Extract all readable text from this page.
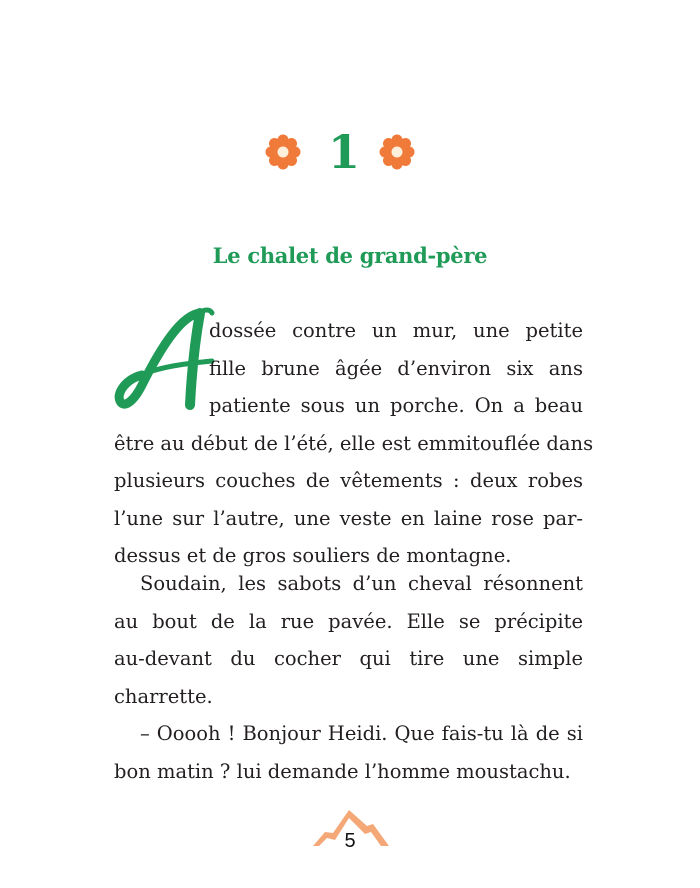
1
Le chalet de grand-père
dossée contre un mur, une petite
fille brune âgée d’environ six ans
patiente sous un porche. On a beau
être au début de l’été, elle est emmitouflée dans
plusieurs couches de vêtements : deux robes
l’une sur l’autre, une veste en laine rose par-
dessus et de gros souliers de montagne.
Soudain, les sabots d’un cheval résonnent
au bout de la rue pavée. Elle se précipite
au-devant du cocher qui tire une simple
charrette.
– Ooooh ! Bonjour Heidi. Que fais-tu là de si
bon matin ? lui demande l’homme moustachu.
5
